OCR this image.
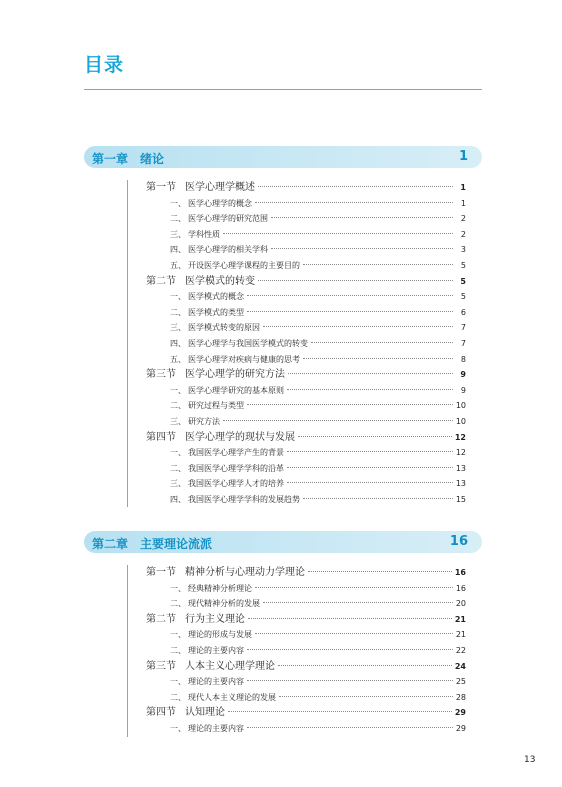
目录
第一章 绪论	1
第一节 医学心理学概述	1
一、 医学心理学的概念	1
二、 医学心理学的研究范围	2
三、 学科性质	2
四、 医学心理学的相关学科	3
五、 开设医学心理学课程的主要目的	5
第二节 医学模式的转变	5
一、 医学模式的概念	5
二、 医学模式的类型	6
三、 医学模式转变的原因	7
四、 医学心理学与我国医学模式的转变	7
五、 医学心理学对疾病与健康的思考	8
第三节 医学心理学的研究方法	9
一、 医学心理学研究的基本原则	9
二、 研究过程与类型	10
三、 研究方法	10
第四节 医学心理学的现状与发展	12
一、 我国医学心理学产生的背景	12
二、 我国医学心理学学科的沿革	13
三、 我国医学心理学人才的培养	13
四、 我国医学心理学学科的发展趋势	15
第二章 主要理论流派	16
第一节 精神分析与心理动力学理论	16
一、 经典精神分析理论	16
二、 现代精神分析的发展	20
第二节 行为主义理论	21
一、 理论的形成与发展	21
二、 理论的主要内容	22
第三节 人本主义心理学理论	24
一、 理论的主要内容	25
二、 现代人本主义理论的发展	28
第四节 认知理论	29
一、 理论的主要内容	29
13
